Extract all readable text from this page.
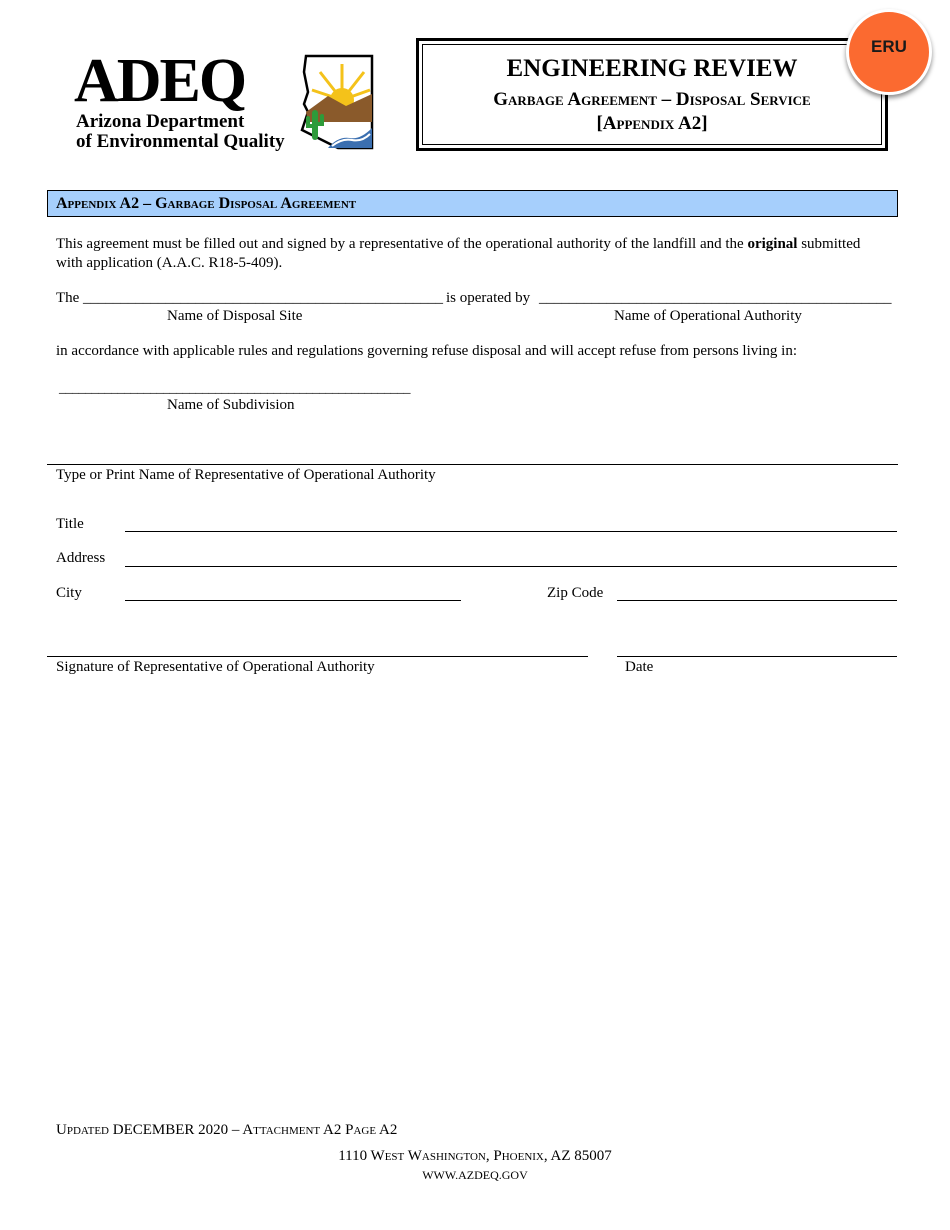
ADEQ
Arizona Department
of Environmental Quality
ENGINEERING REVIEW
Garbage Agreement – Disposal Service
[Appendix A2]
ERU
Appendix A2 – Garbage Disposal Agreement
This agreement must be filled out and signed by a representative of the operational authority of the landfill and the original submitted
with application (A.A.C. R18-5-409).
The ________________________________________________ is operated by _______________________________________________
Name of Disposal Site	Name of Operational Authority
in accordance with applicable rules and regulations governing refuse disposal and will accept refuse from persons living in:
______________________________________________________
Name of Subdivision
Type or Print Name of Representative of Operational Authority
Title
Address
City	Zip Code
Signature of Representative of Operational Authority	Date
Updated DECEMBER 2020 – Attachment A2 Page A2
1110 West Washington, Phoenix, AZ 85007
WWW.AZDEQ.GOV
